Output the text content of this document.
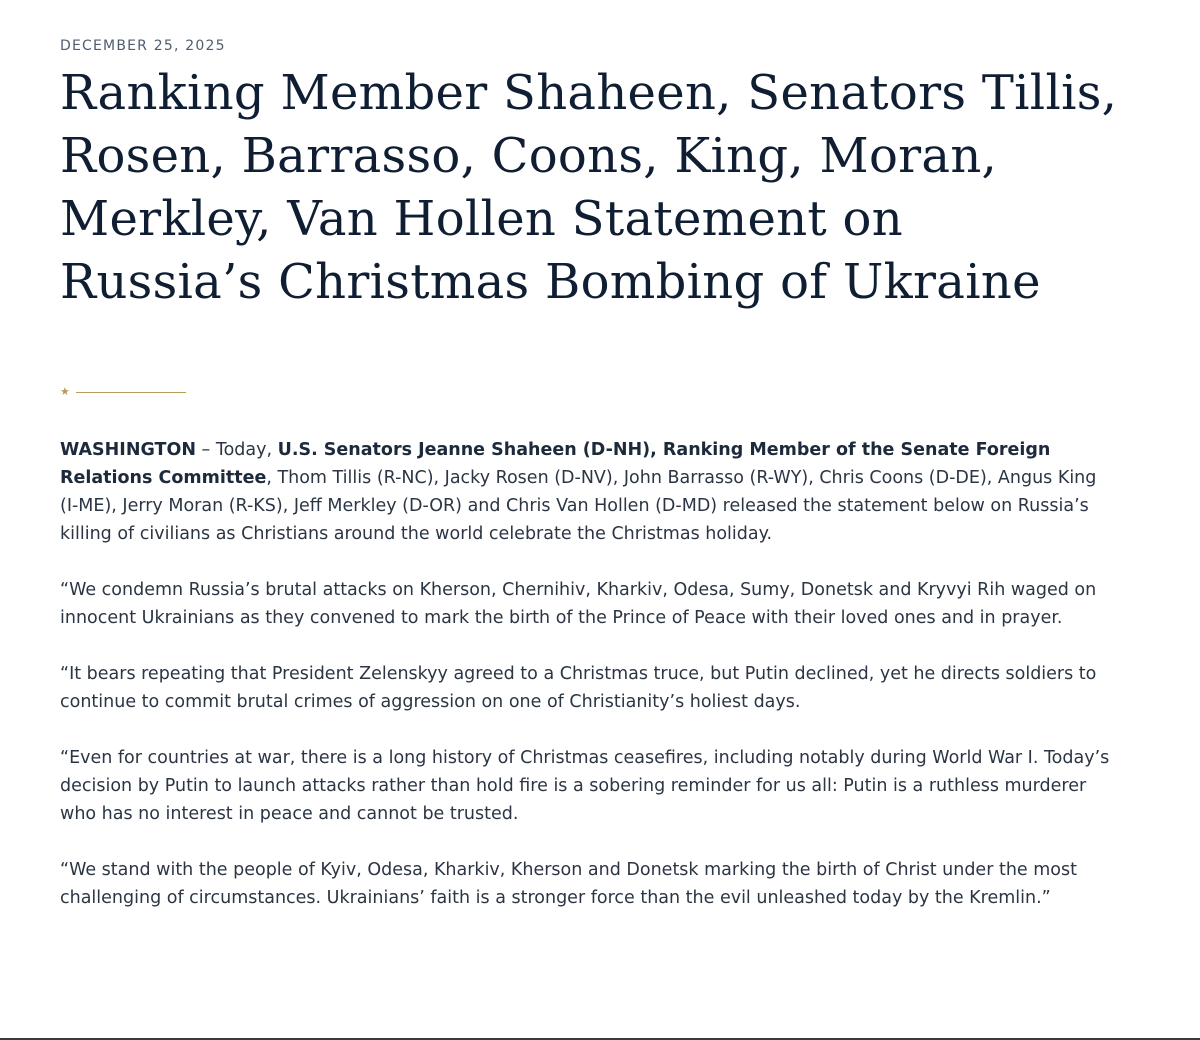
DECEMBER 25, 2025
Ranking Member Shaheen, Senators Tillis, Rosen, Barrasso, Coons, King, Moran, Merkley, Van Hollen Statement on Russia’s Christmas Bombing of Ukraine
★

WASHINGTON – Today, U.S. Senators Jeanne Shaheen (D-NH), Ranking Member of the Senate Foreign Relations Committee, Thom Tillis (R-NC), Jacky Rosen (D-NV), John Barrasso (R-WY), Chris Coons (D-DE), Angus King (I-ME), Jerry Moran (R-KS), Jeff Merkley (D-OR) and Chris Van Hollen (D-MD) released the statement below on Russia’s killing of civilians as Christians around the world celebrate the Christmas holiday.

“We condemn Russia’s brutal attacks on Kherson, Chernihiv, Kharkiv, Odesa, Sumy, Donetsk and Kryvyi Rih waged on innocent Ukrainians as they convened to mark the birth of the Prince of Peace with their loved ones and in prayer.

“It bears repeating that President Zelenskyy agreed to a Christmas truce, but Putin declined, yet he directs soldiers to continue to commit brutal crimes of aggression on one of Christianity’s holiest days.

“Even for countries at war, there is a long history of Christmas ceasefires, including notably during World War I. Today’s decision by Putin to launch attacks rather than hold fire is a sobering reminder for us all: Putin is a ruthless murderer who has no interest in peace and cannot be trusted.

“We stand with the people of Kyiv, Odesa, Kharkiv, Kherson and Donetsk marking the birth of Christ under the most challenging of circumstances. Ukrainians’ faith is a stronger force than the evil unleashed today by the Kremlin.”
